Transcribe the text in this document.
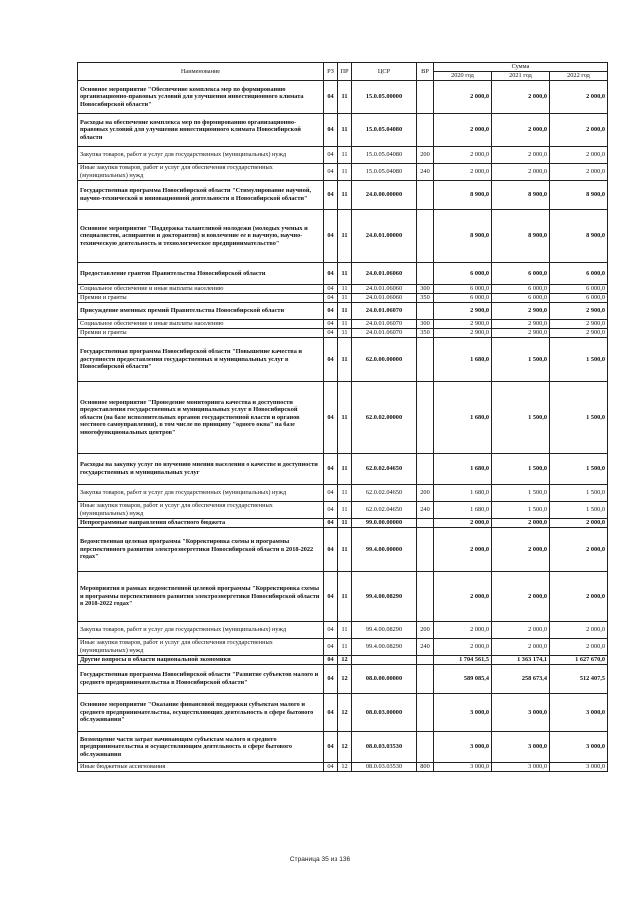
Наименование	РЗ	ПР	ЦСР	ВР	Сумма		
					2020 год	2021 год	2022 год
Основное мероприятие "Обеспечение комплекса мер по формированию организационно-правовых условий для улучшения инвестиционного климата Новосибирской области"	04	11	15.0.05.00000		2 000,0	2 000,0	2 000,0
Расходы на обеспечение комплекса мер по формированию организационно-правовых условий для улучшения инвестиционного климата Новосибирской области	04	11	15.0.05.04080		2 000,0	2 000,0	2 000,0
Закупка товаров, работ и услуг для государственных (муниципальных) нужд	04	11	15.0.05.04080	200	2 000,0	2 000,0	2 000,0
Иные закупки товаров, работ и услуг для обеспечения государственных (муниципальных) нужд	04	11	15.0.05.04080	240	2 000,0	2 000,0	2 000,0
Государственная программа Новосибирской области "Стимулирование научной, научно-технической и инновационной деятельности в Новосибирской области"	04	11	24.0.00.00000		8 900,0	8 900,0	8 900,0
Основное мероприятие "Поддержка талантливой молодежи (молодых ученых и специалистов, аспирантов и докторантов) и вовлечение ее в научную, научно-техническую деятельность и технологическое предпринимательство"	04	11	24.0.01.00000		8 900,0	8 900,0	8 900,0
Предоставление грантов Правительства Новосибирской области	04	11	24.0.01.06060		6 000,0	6 000,0	6 000,0
Социальное обеспечение и иные выплаты населению	04	11	24.0.01.06060	300	6 000,0	6 000,0	6 000,0
Премии и гранты	04	11	24.0.01.06060	350	6 000,0	6 000,0	6 000,0
Присуждение именных премий Правительства Новосибирской области	04	11	24.0.01.06070		2 900,0	2 900,0	2 900,0
Социальное обеспечение и иные выплаты населению	04	11	24.0.01.06070	300	2 900,0	2 900,0	2 900,0
Премии и гранты	04	11	24.0.01.06070	350	2 900,0	2 900,0	2 900,0
Государственная программа Новосибирской области "Повышение качества и доступности предоставления государственных и муниципальных услуг в Новосибирской области"	04	11	62.0.00.00000		1 680,0	1 500,0	1 500,0
Основное мероприятие "Проведение мониторинга качества и доступности предоставления государственных и муниципальных услуг в Новосибирской области (на базе исполнительных органов государственной власти и органов местного самоуправления), в том числе по принципу "одного окна" на базе многофункциональных центров"	04	11	62.0.02.00000		1 680,0	1 500,0	1 500,0
Расходы на закупку услуг по изучению мнения населения о качестве и доступности государственных и муниципальных услуг	04	11	62.0.02.04650		1 680,0	1 500,0	1 500,0
Закупка товаров, работ и услуг для государственных (муниципальных) нужд	04	11	62.0.02.04650	200	1 680,0	1 500,0	1 500,0
Иные закупки товаров, работ и услуг для обеспечения государственных (муниципальных) нужд	04	11	62.0.02.04650	240	1 680,0	1 500,0	1 500,0
Непрограммные направления областного бюджета	04	11	99.0.00.00000		2 000,0	2 000,0	2 000,0
Ведомственная целевая программа "Корректировка схемы и программы перспективного развития электроэнергетики Новосибирской области в 2018-2022 годах"	04	11	99.4.00.00000		2 000,0	2 000,0	2 000,0
Мероприятия в рамках ведомственной целевой программы "Корректировка схемы и программы перспективного развития электроэнергетики Новосибирской области в 2018-2022 годах"	04	11	99.4.00.08290		2 000,0	2 000,0	2 000,0
Закупка товаров, работ и услуг для государственных (муниципальных) нужд	04	11	99.4.00.08290	200	2 000,0	2 000,0	2 000,0
Иные закупки товаров, работ и услуг для обеспечения государственных (муниципальных) нужд	04	11	99.4.00.08290	240	2 000,0	2 000,0	2 000,0
Другие вопросы в области национальной экономики	04	12			1 704 561,5	1 363 174,1	1 627 670,0
Государственная программа Новосибирской области "Развитие субъектов малого и среднего предпринимательства в Новосибирской области"	04	12	08.0.00.00000		589 085,4	258 673,4	512 407,5
Основное мероприятие "Оказание финансовой поддержки субъектам малого и среднего предпринимательства, осуществляющих деятельность в сфере бытового обслуживания"	04	12	08.0.03.00000		3 000,0	3 000,0	3 000,0
Возмещение части затрат начинающим субъектам малого и среднего предпринимательства и осуществляющим деятельность в сфере бытового обслуживания	04	12	08.0.03.03530		3 000,0	3 000,0	3 000,0
Иные бюджетные ассигнования	04	12	08.0.03.03530	800	3 000,0	3 000,0	3 000,0
Страница 35 из 136
